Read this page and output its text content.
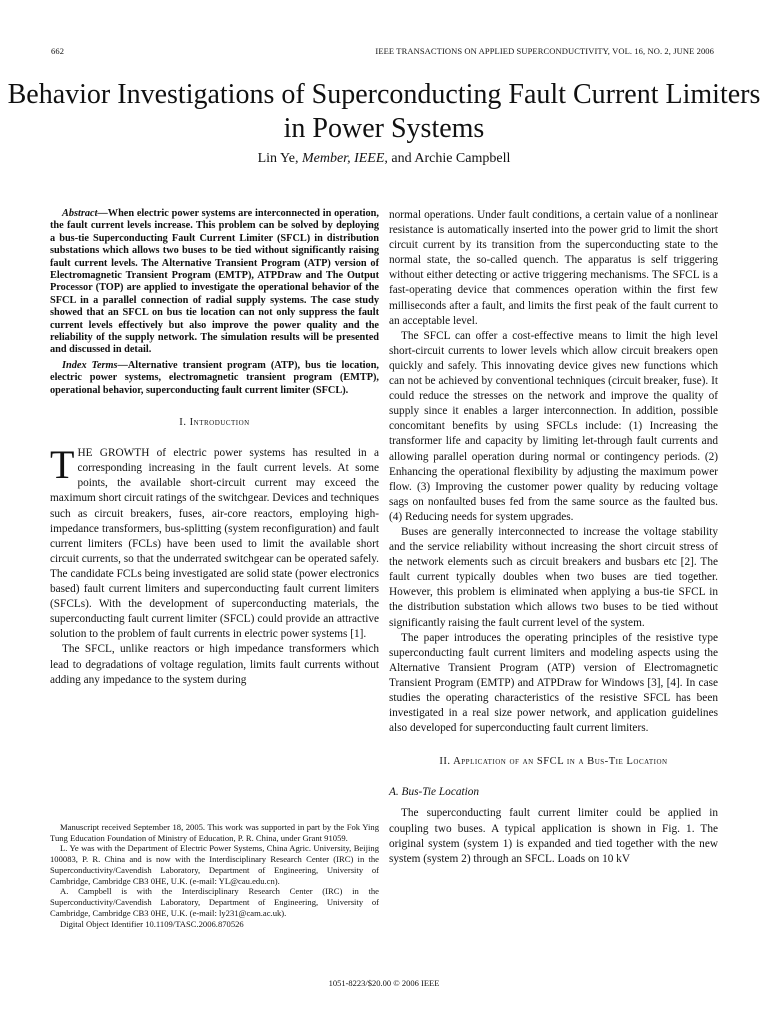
662	IEEE TRANSACTIONS ON APPLIED SUPERCONDUCTIVITY, VOL. 16, NO. 2, JUNE 2006
Behavior Investigations of Superconducting Fault Current Limiters in Power Systems
Lin Ye, Member, IEEE, and Archie Campbell

Abstract—When electric power systems are interconnected in operation, the fault current levels increase. This problem can be solved by deploying a bus-tie Superconducting Fault Current Limiter (SFCL) in distribution substations which allows two buses to be tied without significantly raising fault current levels. The Alternative Transient Program (ATP) version of Electromagnetic Transient Program (EMTP), ATPDraw and The Output Processor (TOP) are applied to investigate the operational behavior of the SFCL in a parallel connection of radial supply systems. The case study showed that an SFCL on bus tie location can not only suppress the fault current levels effectively but also improve the power quality and the reliability of the supply network. The simulation results will be presented and discussed in detail.

Index Terms—Alternative transient program (ATP), bus tie location, electric power systems, electromagnetic transient program (EMTP), operational behavior, superconducting fault current limiter (SFCL).

I. Introduction

THE GROWTH of electric power systems has resulted in a corresponding increasing in the fault current levels. At some points, the available short-circuit current may exceed the maximum short circuit ratings of the switchgear. Devices and techniques such as circuit breakers, fuses, air-core reactors, employing high-impedance transformers, bus-splitting (system reconfiguration) and fault current limiters (FCLs) have been used to limit the available short circuit currents, so that the underrated switchgear can be operated safely. The candidate FCLs being investigated are solid state (power electronics based) fault current limiters and superconducting fault current limiters (SFCLs). With the development of superconducting materials, the superconducting fault current limiter (SFCL) could provide an attractive solution to the problem of fault currents in electric power systems [1].

The SFCL, unlike reactors or high impedance transformers which lead to degradations of voltage regulation, limits fault currents without adding any impedance to the system during

Manuscript received September 18, 2005. This work was supported in part by the Fok Ying Tung Education Foundation of Ministry of Education, P. R. China, under Grant 91059.

L. Ye was with the Department of Electric Power Systems, China Agric. University, Beijing 100083, P. R. China and is now with the Interdisciplinary Research Center (IRC) in the Superconductivity/Cavendish Laboratory, Department of Engineering, University of Cambridge, Cambridge CB3 0HE, U.K. (e-mail: YL@cau.edu.cn).

A. Campbell is with the Interdisciplinary Research Center (IRC) in the Superconductivity/Cavendish Laboratory, Department of Engineering, University of Cambridge, Cambridge CB3 0HE, U.K. (e-mail: ly231@cam.ac.uk).

Digital Object Identifier 10.1109/TASC.2006.870526

normal operations. Under fault conditions, a certain value of a nonlinear resistance is automatically inserted into the power grid to limit the short circuit current by its transition from the superconducting state to the normal state, the so-called quench. The apparatus is self triggering without either detecting or active triggering mechanisms. The SFCL is a fast-operating device that commences operation within the first few milliseconds after a fault, and limits the first peak of the fault current to an acceptable level.

The SFCL can offer a cost-effective means to limit the high level short-circuit currents to lower levels which allow circuit breakers open quickly and safely. This innovating device gives new functions which can not be achieved by conventional techniques (circuit breaker, fuse). It could reduce the stresses on the network and improve the quality of supply since it enables a larger interconnection. In addition, possible concomitant benefits by using SFCLs include: (1) Increasing the transformer life and capacity by limiting let-through fault currents and allowing parallel operation during normal or contingency periods. (2) Enhancing the operational flexibility by adjusting the maximum power flow. (3) Improving the customer power quality by reducing voltage sags on nonfaulted buses fed from the same source as the faulted bus. (4) Reducing needs for system upgrades.

Buses are generally interconnected to increase the voltage stability and the service reliability without increasing the short circuit stress of the network elements such as circuit breakers and busbars etc [2]. The fault current typically doubles when two buses are tied together. However, this problem is eliminated when applying a bus-tie SFCL in the distribution substation which allows two buses to be tied without significantly raising the fault current level of the system.

The paper introduces the operating principles of the resistive type superconducting fault current limiters and modeling aspects using the Alternative Transient Program (ATP) version of Electromagnetic Transient Program (EMTP) and ATPDraw for Windows [3], [4]. In case studies the operating characteristics of the resistive SFCL has been investigated in a real size power network, and application guidelines also developed for superconducting fault current limiters.

II. Application of an SFCL in a Bus-Tie Location
A. Bus-Tie Location

The superconducting fault current limiter could be applied in coupling two buses. A typical application is shown in Fig. 1. The original system (system 1) is expanded and tied together with the new system (system 2) through an SFCL. Loads on 10 kV

1051-8223/$20.00 © 2006 IEEE
